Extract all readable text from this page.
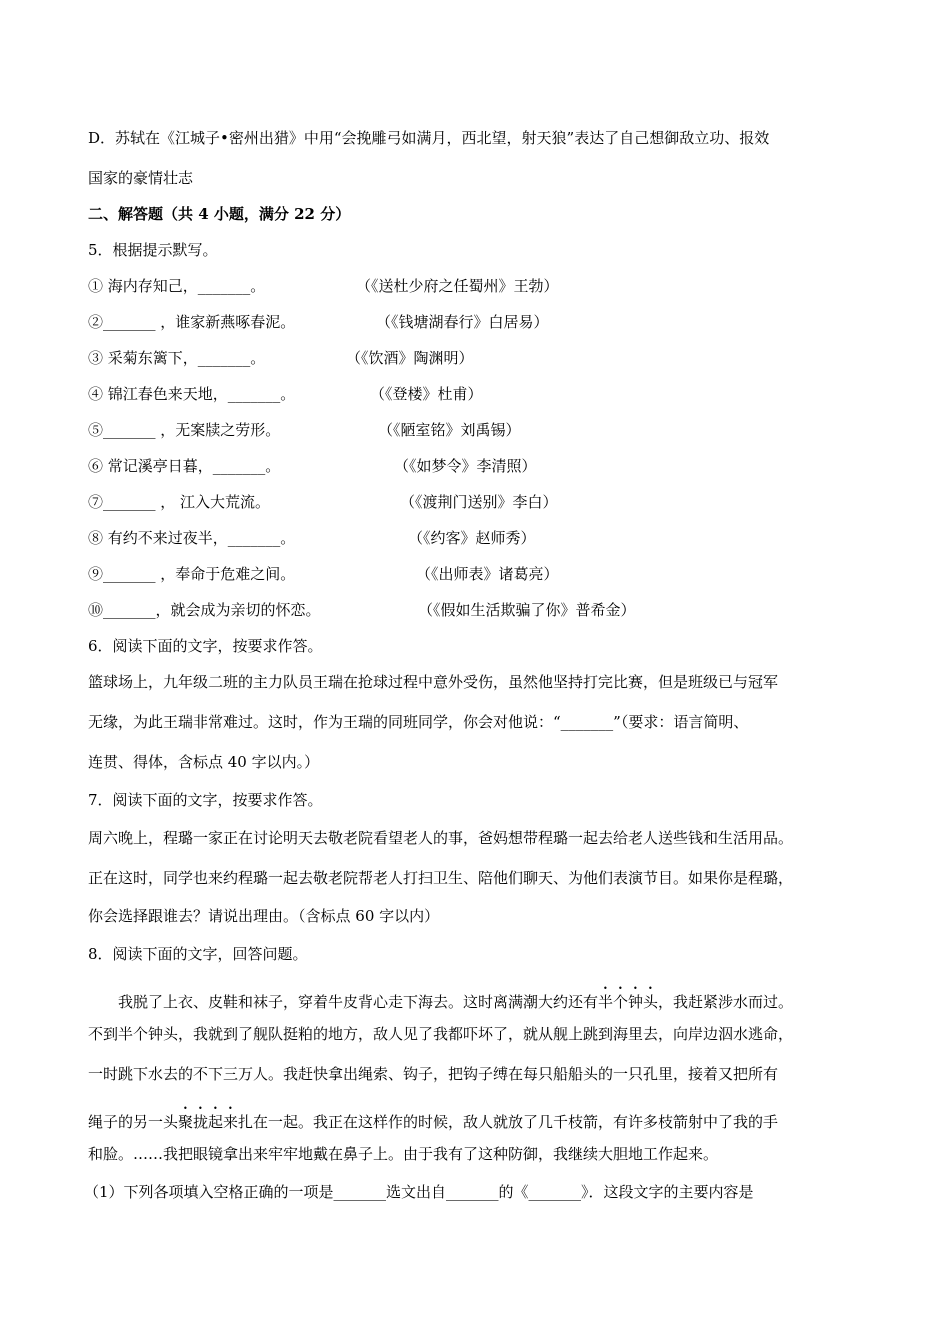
D．苏轼在《江城子•密州出猎》中用“会挽雕弓如满月，西北望，射天狼”表达了自己想御敌立功、报效
国家的豪情壮志
二、解答题（共 4 小题，满分 22 分）
5．根据提示默写。
① 海内存知己，_______。	（《送杜少府之任蜀州》王勃）
②_______ ，谁家新燕啄春泥。	（《钱塘湖春行》白居易）
③ 采菊东篱下，_______。	（《饮酒》陶渊明）
④ 锦江春色来天地，_______。	（《登楼》杜甫）
⑤_______ ，无案牍之劳形。	（《陋室铭》刘禹锡）
⑥ 常记溪亭日暮，_______。	（《如梦令》李清照）
⑦_______ ， 江入大荒流。	（《渡荆门送别》李白）
⑧ 有约不来过夜半，_______。	（《约客》赵师秀）
⑨_______ ，奉命于危难之间。	（《出师表》诸葛亮）
⑩_______，就会成为亲切的怀恋。	（《假如生活欺骗了你》普希金）
6．阅读下面的文字，按要求作答。
篮球场上，九年级二班的主力队员王瑞在抢球过程中意外受伤，虽然他坚持打完比赛，但是班级已与冠军
无缘，为此王瑞非常难过。这时，作为王瑞的同班同学，你会对他说：“_______”（要求：语言简明、
连贯、得体，含标点 40 字以内。）
7．阅读下面的文字，按要求作答。
周六晚上，程璐一家正在讨论明天去敬老院看望老人的事，爸妈想带程璐一起去给老人送些钱和生活用品。
正在这时，同学也来约程璐一起去敬老院帮老人打扫卫生、陪他们聊天、为他们表演节目。如果你是程璐，
你会选择跟谁去？请说出理由。（含标点 60 字以内）
8．阅读下面的文字，回答问题。
我脱了上衣、皮鞋和袜子，穿着牛皮背心走下海去。这时离满潮大约还有半个钟头，我赶紧涉水而过。
不到半个钟头，我就到了舰队挺粕的地方，敌人见了我都吓坏了，就从舰上跳到海里去，向岸边泅水逃命，
一时跳下水去的不下三万人。我赶快拿出绳索、钩子，把钩子缚在每只船船头的一只孔里，接着又把所有
绳子的另一头聚拢起来扎在一起。我正在这样作的时候，敌人就放了几千枝箭，有许多枝箭射中了我的手
和脸。……我把眼镜拿出来牢牢地戴在鼻子上。由于我有了这种防御，我继续大胆地工作起来。
（1）下列各项填入空格正确的一项是_______选文出自_______的《_______》．这段文字的主要内容是
